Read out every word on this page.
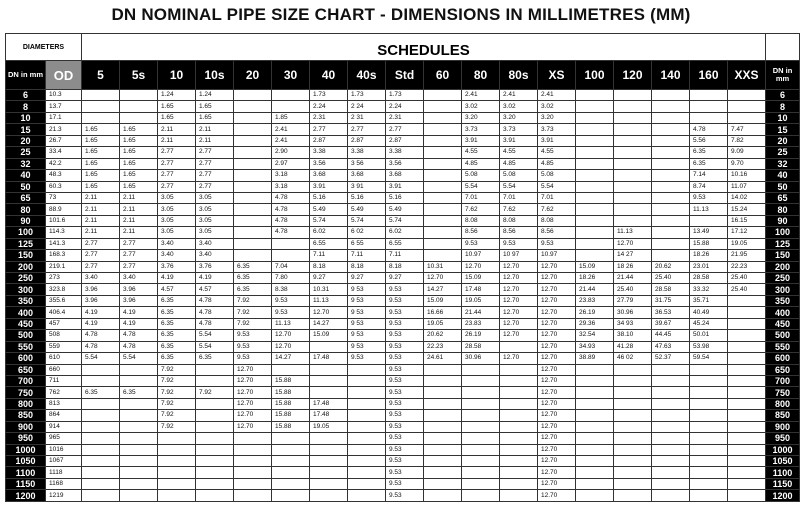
DN NOMINAL PIPE SIZE CHART - DIMENSIONS IN MILLIMETRES (MM)
DIAMETERS		SCHEDULES																		
DN in mm	OD	5	5s	10	10s	20	30	40	40s	Std	60	80	80s	XS	100	120	140	160	XXS	DN in mm
6	10.3			1.24	1.24			1.73	1.73	1.73		2.41	2.41	2.41						6
8	13.7			1.65	1.65			2.24	2 24	2.24		3.02	3.02	3.02						8
10	17.1			1.65	1.65		1.85	2.31	2 31	2.31		3.20	3.20	3.20						10
15	21.3	1.65	1.65	2.11	2.11		2.41	2.77	2.77	2.77		3.73	3.73	3.73				4.78	7.47	15
20	26.7	1.65	1.65	2.11	2.11		2.41	2.87	2.87	2.87		3.91	3.91	3.91				5.56	7.82	20
25	33.4	1.65	1.65	2.77	2.77		2.90	3.38	3.38	3.38		4.55	4.55	4.55				6.35	9.09	25
32	42.2	1.65	1.65	2.77	2.77		2.97	3.56	3 56	3.56		4.85	4.85	4.85				6.35	9.70	32
40	48.3	1.65	1.65	2.77	2.77		3.18	3.68	3.68	3.68		5.08	5.08	5.08				7.14	10.16	40
50	60.3	1.65	1.65	2.77	2.77		3.18	3.91	3 91	3.91		5.54	5.54	5.54				8.74	11.07	50
65	73	2.11	2.11	3.05	3.05		4.78	5.16	5.16	5.16		7.01	7.01	7.01				9.53	14.02	65
80	88.9	2.11	2.11	3.05	3.05		4.78	5.49	5.49	5.49		7.62	7.62	7.62				11.13	15.24	80
90	101.6	2.11	2.11	3.05	3.05		4.78	5.74	5.74	5.74		8.08	8.08	8.08					16.15	90
100	114.3	2.11	2.11	3.05	3.05		4.78	6.02	6 02	6.02		8.56	8.56	8.56		11.13		13.49	17.12	100
125	141.3	2.77	2.77	3.40	3.40			6.55	6 55	6.55		9.53	9.53	9.53		12.70		15.88	19.05	125
150	168.3	2.77	2.77	3.40	3.40			7.11	7.11	7.11		10.97	10 97	10.97		14 27		18.26	21.95	150
200	219.1	2.77	2.77	3.76	3.76	6.35	7.04	8.18	8.18	8.18	10.31	12.70	12.70	12.70	15.09	18 26	20.62	23.01	22.23	200
250	273	3.40	3.40	4.19	4.19	6.35	7.80	9.27	9.27	9.27	12.70	15.09	12.70	12.70	18.26	21.44	25.40	28.58	25.40	250
300	323.8	3.96	3.96	4.57	4.57	6.35	8.38	10.31	9 53	9.53	14.27	17.48	12.70	12.70	21.44	25.40	28.58	33.32	25.40	300
350	355.6	3.96	3.96	6.35	4.78	7.92	9.53	11.13	9 53	9.53	15.09	19.05	12.70	12.70	23.83	27.79	31.75	35.71		350
400	406.4	4.19	4.19	6.35	4.78	7.92	9.53	12.70	9 53	9.53	16.66	21.44	12.70	12.70	26.19	30.96	36.53	40.49		400
450	457	4.19	4.19	6.35	4.78	7.92	11.13	14.27	9 53	9.53	19.05	23.83	12.70	12.70	29.36	34 93	39.67	45.24		450
500	508	4.78	4.78	6.35	5.54	9.53	12.70	15.09	9 53	9.53	20.62	26.19	12.70	12.70	32.54	38.10	44.45	50.01		500
550	559	4.78	4.78	6.35	5.54	9.53	12.70		9 53	9.53	22.23	28.58		12.70	34.93	41.28	47.63	53.98		550
600	610	5.54	5.54	6.35	6.35	9.53	14.27	17.48	9.53	9.53	24.61	30.96	12.70	12.70	38.89	46 02	52.37	59.54		600
650	660			7.92		12.70				9.53				12.70						650
700	711			7.92		12.70	15.88			9.53				12.70						700
750	762	6.35	6.35	7.92	7.92	12.70	15.88			9.53				12.70						750
800	813			7.92		12.70	15.88	17.48		9.53				12.70						800
850	864			7.92		12.70	15.88	17.48		9.53				12.70						850
900	914			7.92		12.70	15.88	19.05		9.53				12.70						900
950	965									9.53				12.70						950
1000	1016									9.53				12.70						1000
1050	1067									9.53				12.70						1050
1100	1118									9.53				12.70						1100
1150	1168									9.53				12.70						1150
1200	1219									9.53				12.70						1200
